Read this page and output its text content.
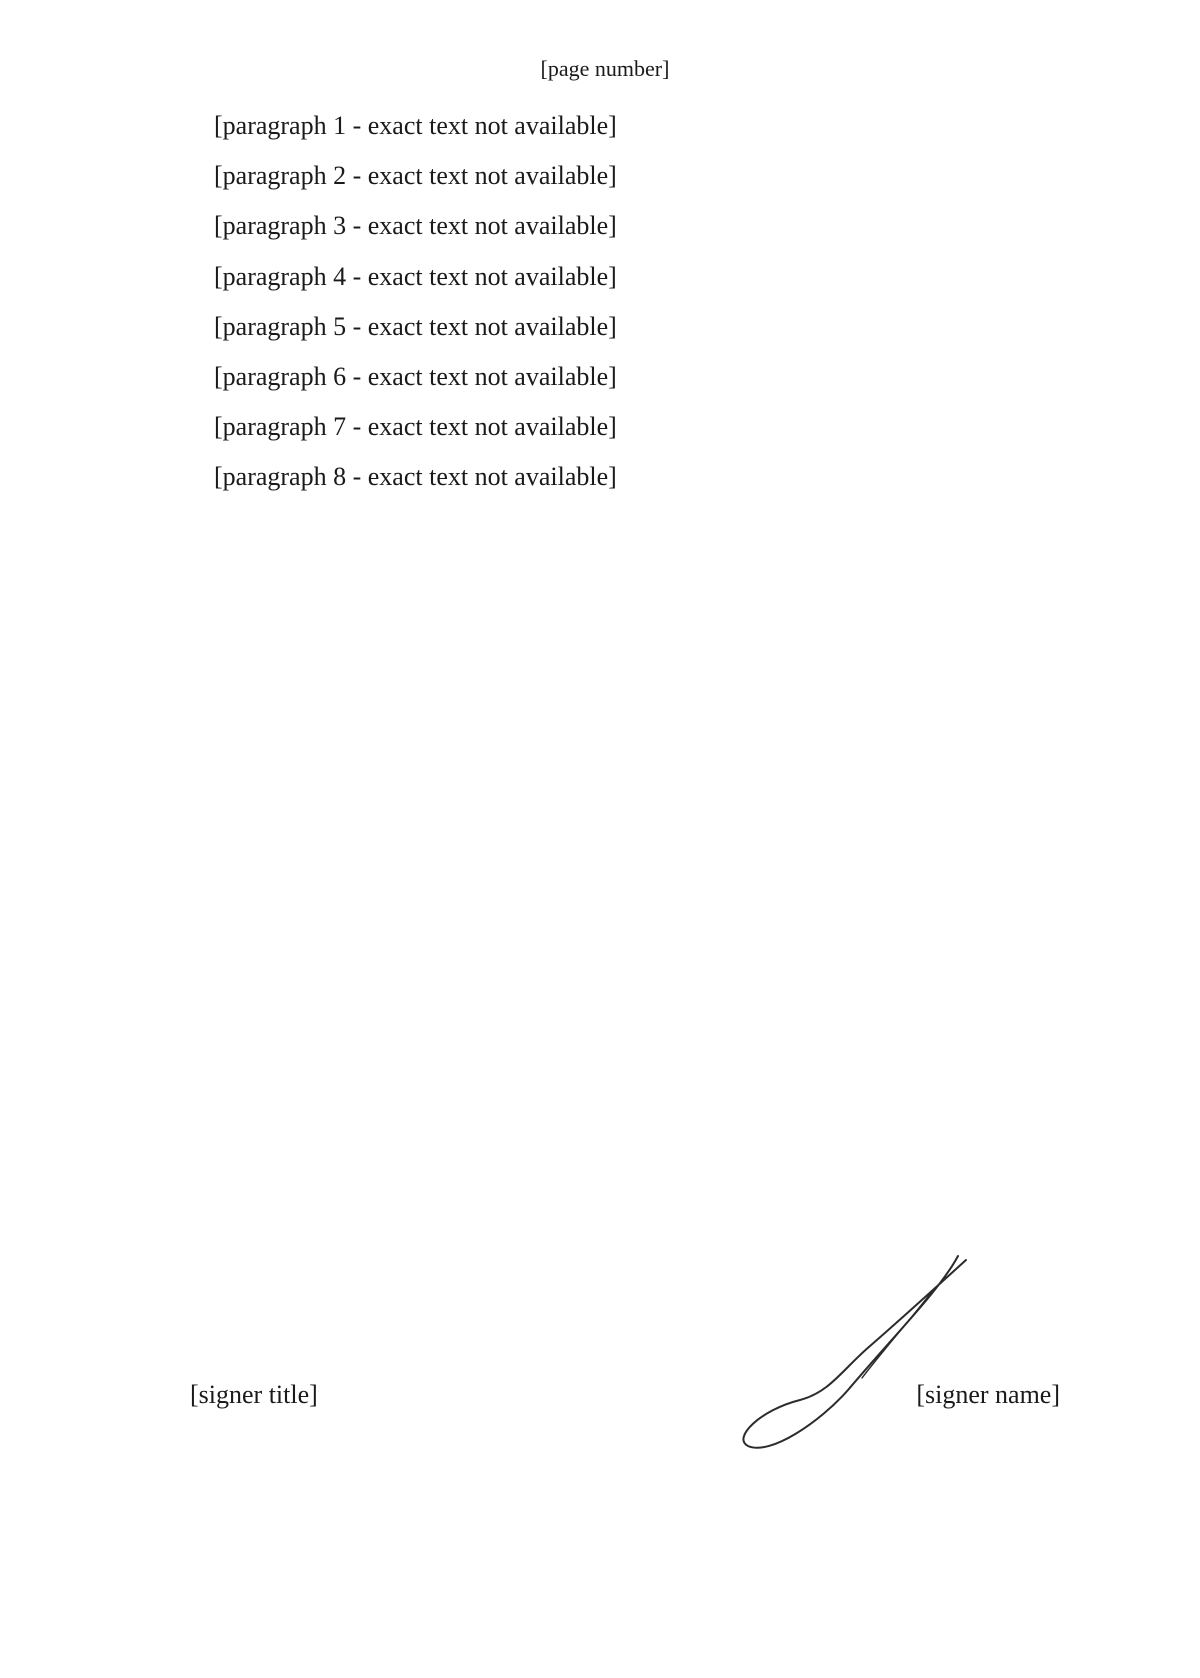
[page number]

[paragraph 1 - exact text not available]

[paragraph 2 - exact text not available]

[paragraph 3 - exact text not available]

[paragraph 4 - exact text not available]

[paragraph 5 - exact text not available]

[paragraph 6 - exact text not available]

[paragraph 7 - exact text not available]

[paragraph 8 - exact text not available]

[signer title]	[signer name]
